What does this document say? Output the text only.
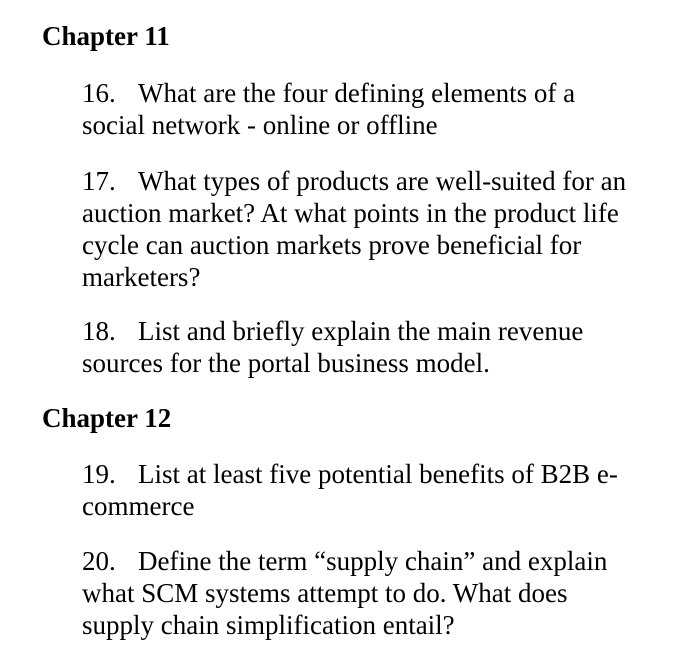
Chapter 11
16. What are the four defining elements of a
social network - online or offline
17. What types of products are well-suited for an
auction market? At what points in the product life
cycle can auction markets prove beneficial for
marketers?
18. List and briefly explain the main revenue
sources for the portal business model.
Chapter 12
19. List at least five potential benefits of B2B e-
commerce
20. Define the term “supply chain” and explain
what SCM systems attempt to do. What does
supply chain simplification entail?
